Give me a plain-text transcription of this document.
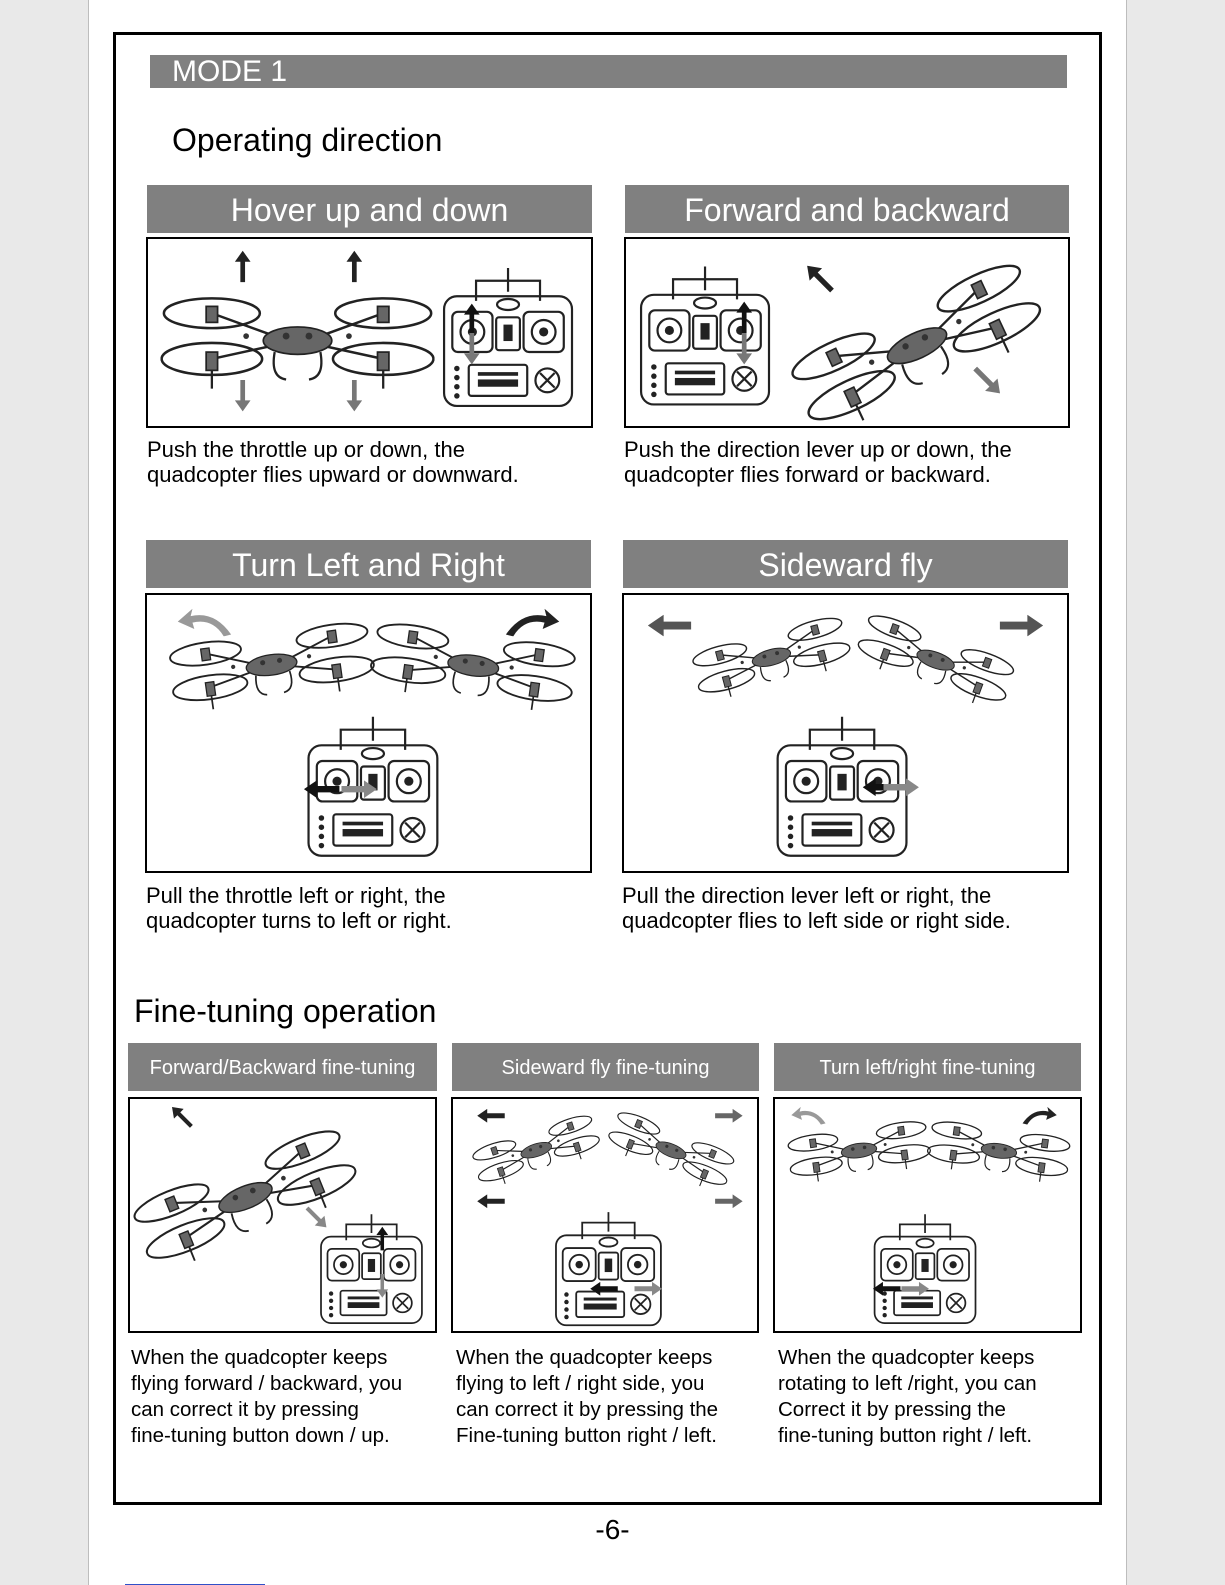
MODE 1
Operating direction
Hover up and down

Push the throttle up or down, the
quadcopter flies upward or downward.

Forward and backward

Push the direction lever up or down, the
quadcopter flies forward or backward.

Turn Left and Right

Pull the throttle left or right, the
quadcopter turns to left or right.

Sideward fly

Pull the direction lever left or right, the
quadcopter flies to left side or right side.

Fine-tuning operation
Forward/Backward fine-tuning

When the quadcopter keeps
flying forward / backward, you
can correct it by pressing
fine-tuning button down / up.

Sideward fly fine-tuning

When the quadcopter keeps
flying to left / right side, you
can correct it by pressing the
Fine-tuning button right / left.

Turn left/right fine-tuning

When the quadcopter keeps
rotating to left /right, you can
Correct it by pressing the
fine-tuning button right / left.

-6-
